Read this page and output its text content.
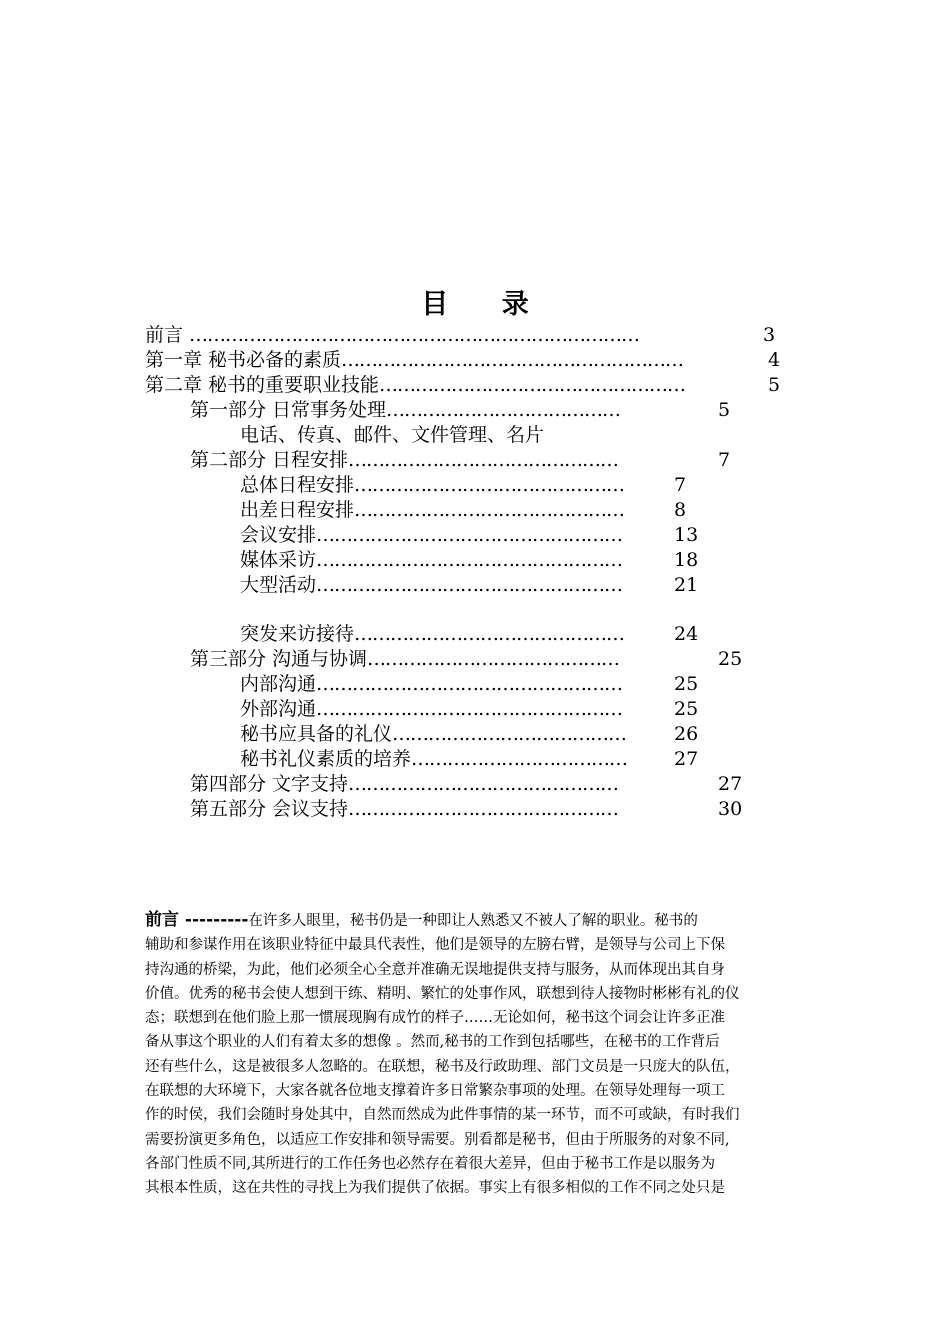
目 录
前言 …………………………………………………………………	3
第一章 秘书必备的素质…………………………………………………	4
第二章 秘书的重要职业技能……………………………………………	5
第一部分 日常事务处理…………………………………	5
电话、传真、邮件、文件管理、名片
第二部分 日程安排………………………………………	7
总体日程安排………………………………………	7
出差日程安排………………………………………	8
会议安排……………………………………………	13
媒体采访……………………………………………	18
大型活动……………………………………………	21
突发来访接待………………………………………	24
第三部分 沟通与协调……………………………………	25
内部沟通……………………………………………	25
外部沟通……………………………………………	25
秘书应具备的礼仪…………………………………	26
秘书礼仪素质的培养……………………………… 27
第四部分 文字支持………………………………………	27
第五部分 会议支持………………………………………	30
前言 ---------在许多人眼里，秘书仍是一种即让人熟悉又不被人了解的职业。秘书的
辅助和参谋作用在该职业特征中最具代表性，他们是领导的左膀右臂，是领导与公司上下保
持沟通的桥梁，为此，他们必须全心全意并准确无误地提供支持与服务，从而体现出其自身
价值。优秀的秘书会使人想到干练、精明、繁忙的处事作风，联想到待人接物时彬彬有礼的仪
态；联想到在他们脸上那一惯展现胸有成竹的样子……无论如何，秘书这个词会让许多正准
备从事这个职业的人们有着太多的想像 。然而,秘书的工作到包括哪些，在秘书的工作背后
还有些什么，这是被很多人忽略的。在联想，秘书及行政助理、部门文员是一只庞大的队伍，
在联想的大环境下，大家各就各位地支撑着许多日常繁杂事项的处理。在领导处理每一项工
作的时侯，我们会随时身处其中，自然而然成为此件事情的某一环节，而不可或缺，有时我们
需要扮演更多角色，以适应工作安排和领导需要。别看都是秘书，但由于所服务的对象不同,
各部门性质不同,其所进行的工作任务也必然存在着很大差异，但由于秘书工作是以服务为
其根本性质，这在共性的寻找上为我们提供了依据。事实上有很多相似的工作不同之处只是
